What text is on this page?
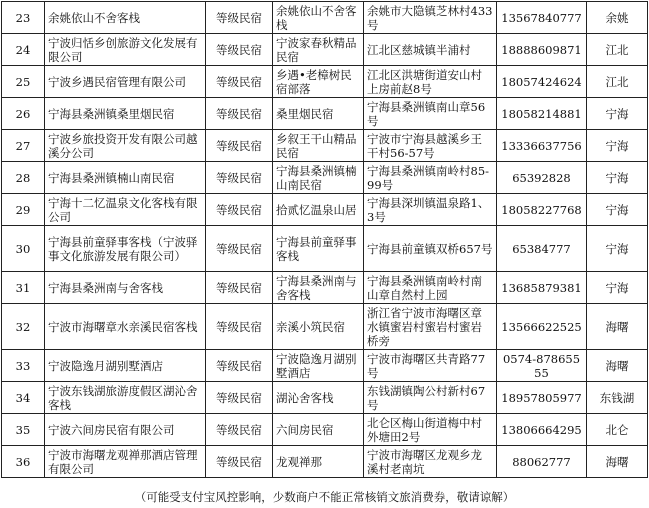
23	余姚依山不舍客栈	等级民宿	余姚依山不舍客栈	余姚市大隐镇芝林村433号	13567840777	余姚
24	宁波归恬乡创旅游文化发展有限公司	等级民宿	宁波家春秋精品民宿	江北区慈城镇半浦村	18888609871	江北
25	宁波乡遇民宿管理有限公司	等级民宿	乡遇•老樟树民宿部落	江北区洪塘街道安山村上房前赵8号	18057424624	江北
26	宁海县桑洲镇桑里烟民宿	等级民宿	桑里烟民宿	宁海县桑洲镇南山章56号	18058214881	宁海
27	宁波乡旅投资开发有限公司越溪分公司	等级民宿	乡叙王干山精品民宿	宁波市宁海县越溪乡王干村56-57号	13336637756	宁海
28	宁海县桑洲镇楠山南民宿	等级民宿	宁海县桑洲镇楠山南民宿	宁海县桑洲镇南岭村85-99号	65392828	宁海
29	宁海十二忆温泉文化客栈有限公司	等级民宿	拾贰忆温泉山居	宁海县深圳镇温泉路1、3号	18058227768	宁海
30	宁海县前童驿事客栈（宁波驿事文化旅游发展有限公司）	等级民宿	宁海县前童驿事客栈	宁海县前童镇双桥657号	65384777	宁海
31	宁海县桑洲南与舍客栈	等级民宿	宁海县桑洲南与舍客栈	宁海县桑洲镇南岭村南山章自然村上园	13685879381	宁海
32	宁波市海曙章水亲溪民宿客栈	等级民宿	亲溪小筑民宿	浙江省宁波市海曙区章水镇蜜岩村蜜岩村蜜岩桥旁	13566622525	海曙
33	宁波隐逸月湖别墅酒店	等级民宿	宁波隐逸月湖别墅酒店	宁波市海曙区共青路77号	0574-87865555	海曙
34	宁波东钱湖旅游度假区湖沁舍客栈	等级民宿	湖沁舍客栈	东钱湖镇陶公村新村67号	18957805977	东钱湖
35	宁波六间房民宿有限公司	等级民宿	六间房民宿	北仑区梅山街道梅中村外塘田2号	13806664295	北仑
36	宁波市海曙龙观禅那酒店管理有限公司	等级民宿	龙观禅那	宁波市海曙区龙观乡龙溪村老南坑	88062777	海曙
（可能受支付宝风控影响，少数商户不能正常核销文旅消费券，敬请谅解）
